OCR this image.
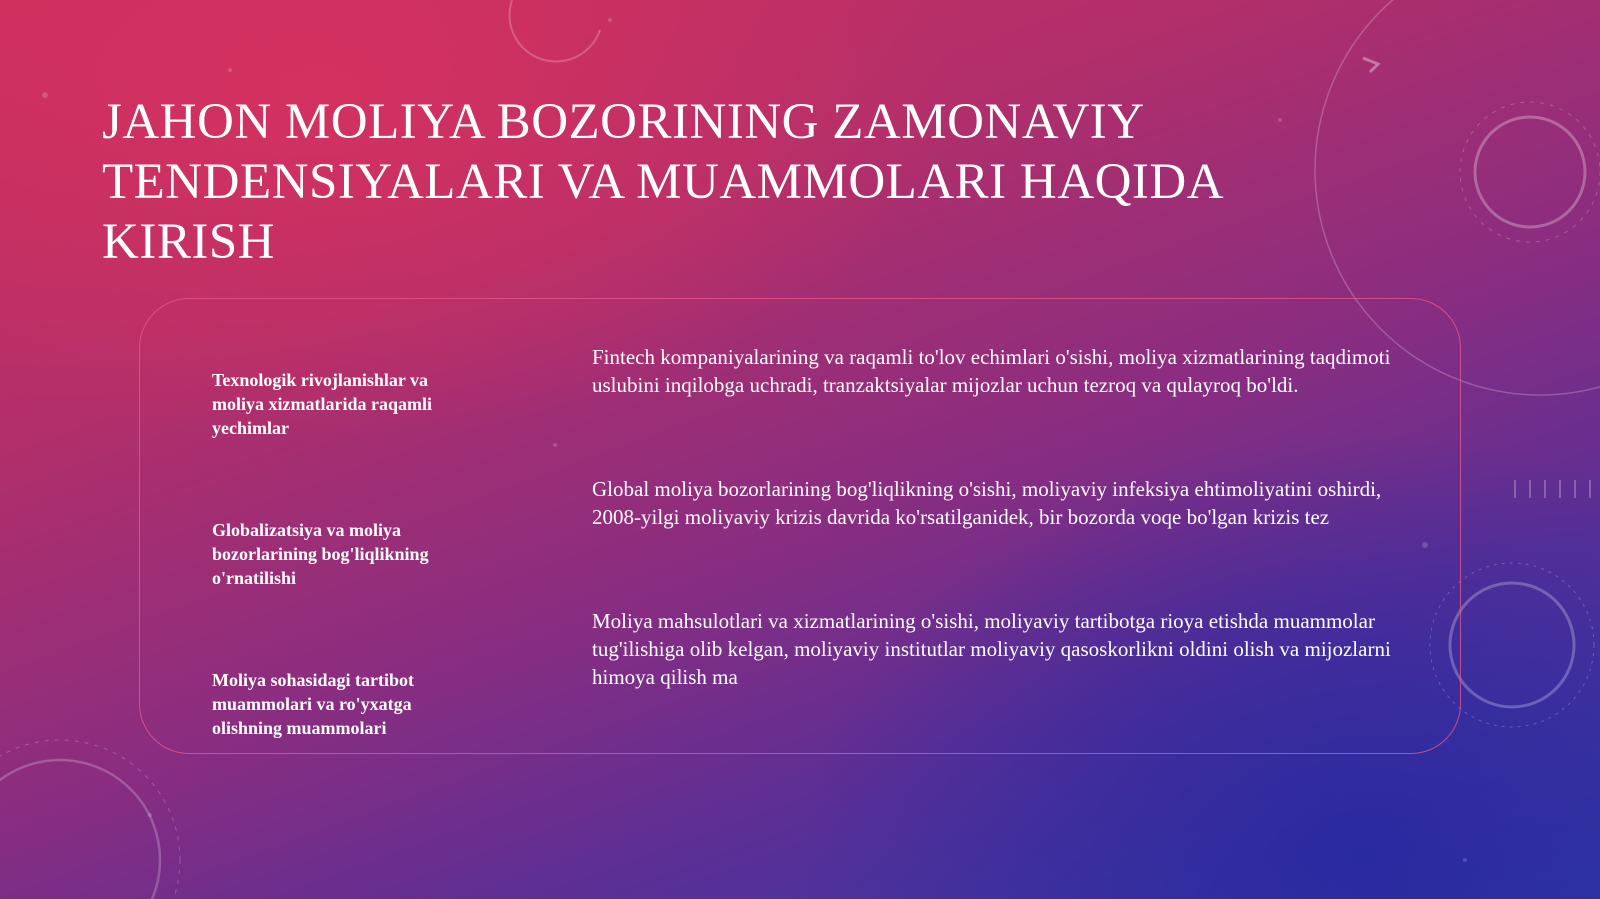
JAHON MOLIYA BOZORINING ZAMONAVIY TENDENSIYALARI VA MUAMMOLARI HAQIDA KIRISH
Texnologik rivojlanishlar va moliya xizmatlarida raqamli yechimlar
Fintech kompaniyalarining va raqamli to'lov echimlari o'sishi, moliya xizmatlarining taqdimoti uslubini inqilobga uchradi, tranzaktsiyalar mijozlar uchun tezroq va qulayroq bo'ldi.
Globalizatsiya va moliya bozorlarining bog'liqlikning o'rnatilishi
Global moliya bozorlarining bog'liqlikning o'sishi, moliyaviy infeksiya ehtimoliyatini oshirdi, 2008-yilgi moliyaviy krizis davrida ko'rsatilganidek, bir bozorda voqe bo'lgan krizis tez
Moliya sohasidagi tartibot muammolari va ro'yxatga olishning muammolari
Moliya mahsulotlari va xizmatlarining o'sishi, moliyaviy tartibotga rioya etishda muammolar tug'ilishiga olib kelgan, moliyaviy institutlar moliyaviy qasoskorlikni oldini olish va mijozlarni himoya qilish ma
